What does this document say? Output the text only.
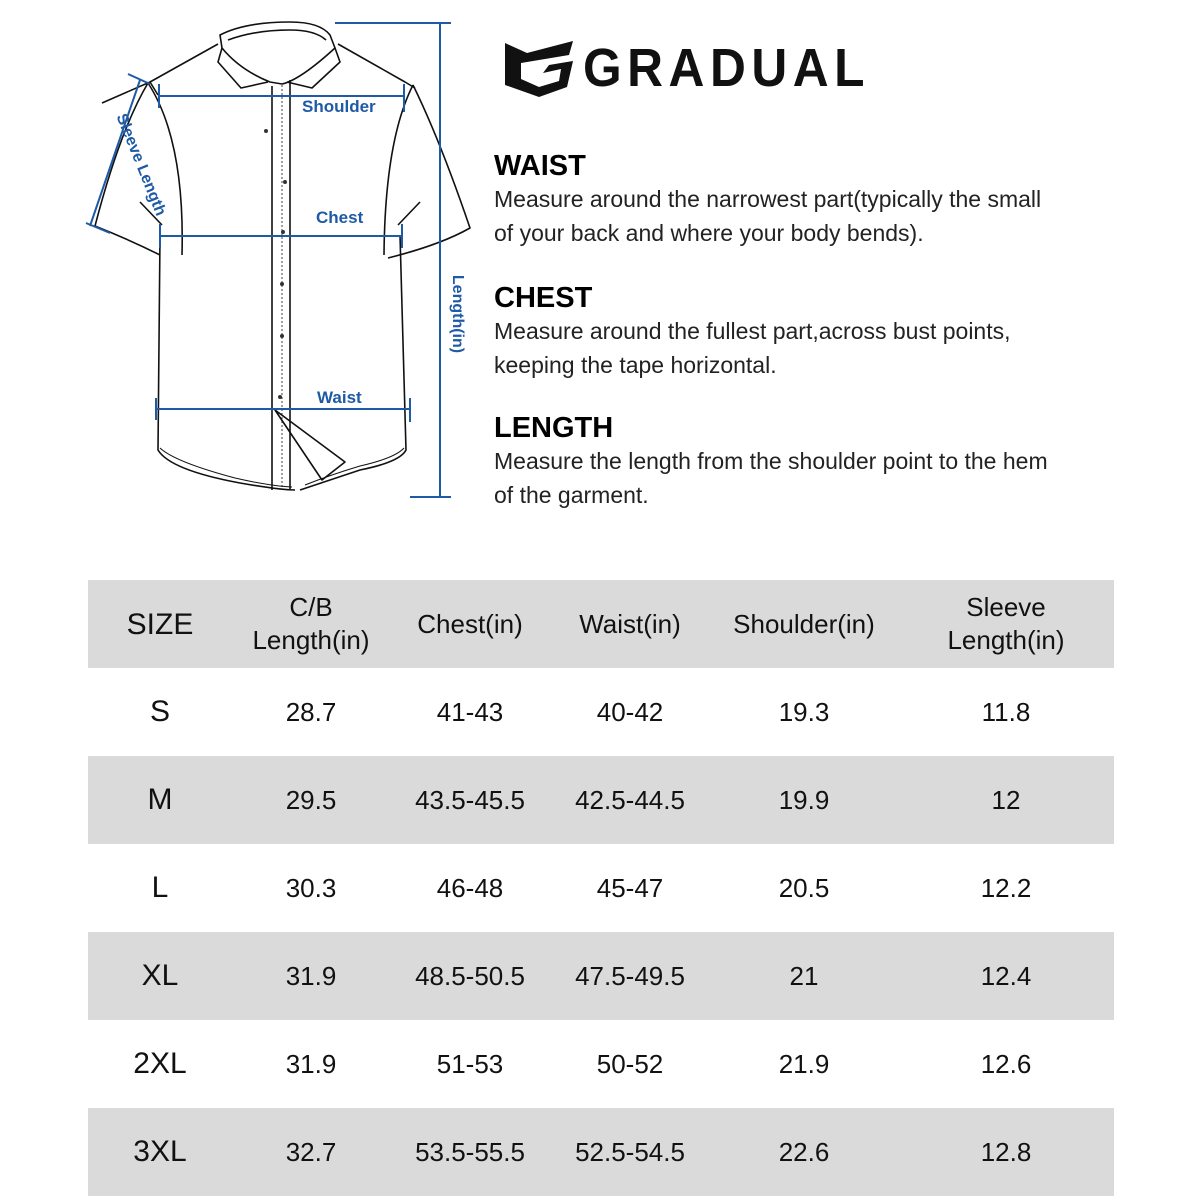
Shoulder
Chest
Waist
Sleeve Length
Length(in)
GRADUAL
WAIST

Measure around the narrowest part(typically the small

of your back and where your body bends).

CHEST

Measure around the fullest part,across bust points,

keeping the tape horizontal.

LENGTH

Measure the length from the shoulder point to the hem

of the garment.

SIZE	C/B Length(in)	Chest(in)	Waist(in)	Shoulder(in)	Sleeve
Length(in)

S	28.7	41-43	40-42	19.3	11.8
M	29.5	43.5-45.5	42.5-44.5	19.9	12
L	30.3	46-48	45-47	20.5	12.2
XL	31.9	48.5-50.5	47.5-49.5	21	12.4
2XL	31.9	51-53	50-52	21.9	12.6
3XL	32.7	53.5-55.5	52.5-54.5	22.6	12.8
